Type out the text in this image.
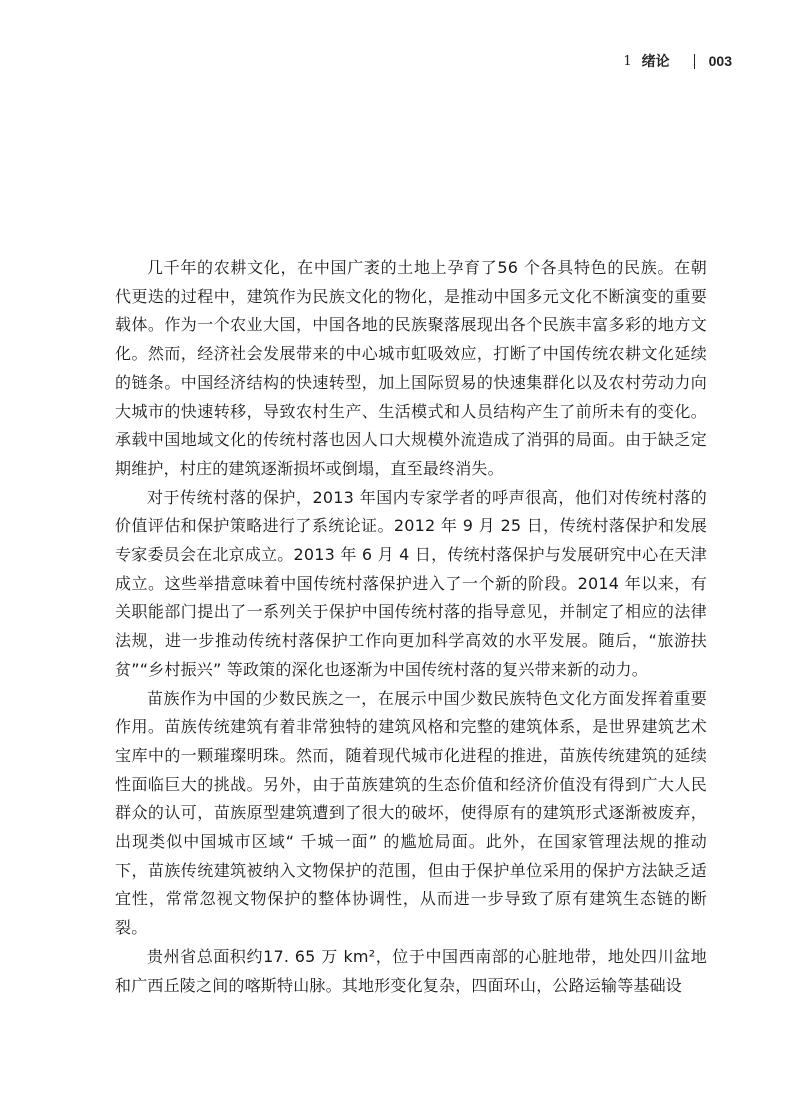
1 绪论	003

几千年的农耕文化，在中国广袤的土地上孕育了56 个各具特色的民族。在朝代更迭的过程中，建筑作为民族文化的物化，是推动中国多元文化不断演变的重要载体。作为一个农业大国，中国各地的民族聚落展现出各个民族丰富多彩的地方文化。然而，经济社会发展带来的中心城市虹吸效应，打断了中国传统农耕文化延续的链条。中国经济结构的快速转型，加上国际贸易的快速集群化以及农村劳动力向大城市的快速转移，导致农村生产、生活模式和人员结构产生了前所未有的变化。承载中国地域文化的传统村落也因人口大规模外流造成了消弭的局面。由于缺乏定期维护，村庄的建筑逐渐损坏或倒塌，直至最终消失。

对于传统村落的保护，2013 年国内专家学者的呼声很高，他们对传统村落的价值评估和保护策略进行了系统论证。2012 年 9 月 25 日，传统村落保护和发展专家委员会在北京成立。2013 年 6 月 4 日，传统村落保护与发展研究中心在天津成立。这些举措意味着中国传统村落保护进入了一个新的阶段。2014 年以来，有关职能部门提出了一系列关于保护中国传统村落的指导意见，并制定了相应的法律法规，进一步推动传统村落保护工作向更加科学高效的水平发展。随后，“旅游扶贫”“乡村振兴” 等政策的深化也逐渐为中国传统村落的复兴带来新的动力。

苗族作为中国的少数民族之一，在展示中国少数民族特色文化方面发挥着重要作用。苗族传统建筑有着非常独特的建筑风格和完整的建筑体系，是世界建筑艺术宝库中的一颗璀璨明珠。然而，随着现代城市化进程的推进，苗族传统建筑的延续性面临巨大的挑战。另外，由于苗族建筑的生态价值和经济价值没有得到广大人民群众的认可，苗族原型建筑遭到了很大的破坏，使得原有的建筑形式逐渐被废弃，出现类似中国城市区域“ 千城一面” 的尴尬局面。此外，在国家管理法规的推动下，苗族传统建筑被纳入文物保护的范围，但由于保护单位采用的保护方法缺乏适宜性，常常忽视文物保护的整体协调性，从而进一步导致了原有建筑生态链的断裂。

贵州省总面积约17. 65 万 km²，位于中国西南部的心脏地带，地处四川盆地和广西丘陵之间的喀斯特山脉。其地形变化复杂，四面环山，公路运输等基础设
